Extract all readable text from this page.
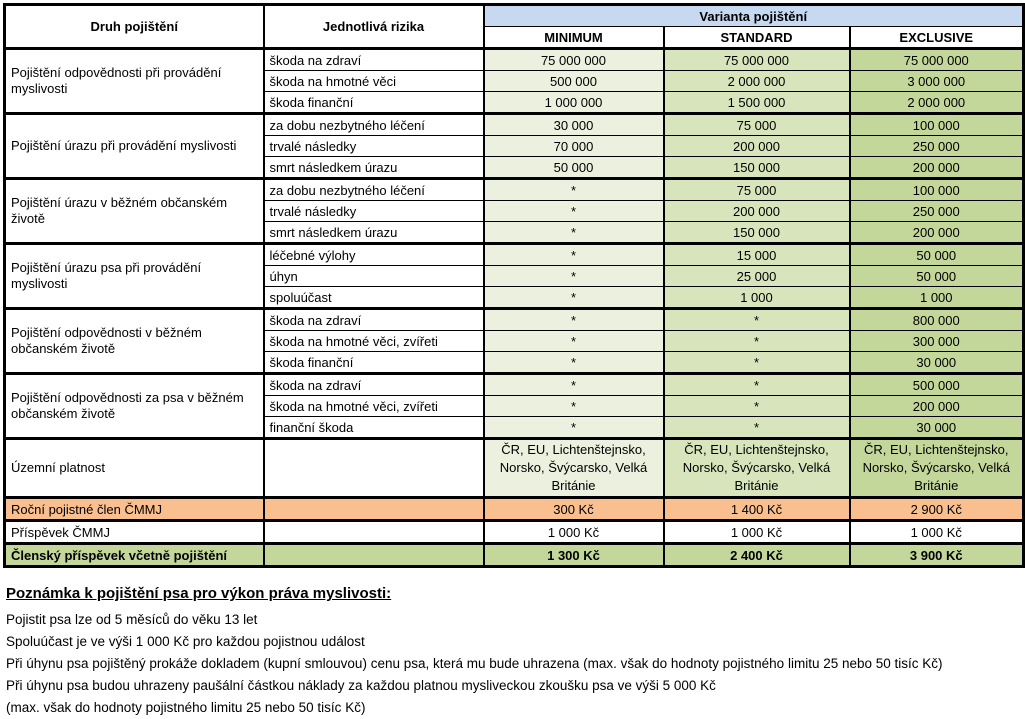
Druh pojištění	Jednotlivá rizika	Varianta pojištění		
		MINIMUM	STANDARD	EXCLUSIVE
Pojištění odpovědnosti při provádění myslivosti	škoda na zdraví	75 000 000	75 000 000	75 000 000
	škoda na hmotné věci	500 000	2 000 000	3 000 000
	škoda finanční	1 000 000	1 500 000	2 000 000
Pojištění úrazu při provádění myslivosti	za dobu nezbytného léčení	30 000	75 000	100 000
	trvalé následky	70 000	200 000	250 000
	smrt následkem úrazu	50 000	150 000	200 000
Pojištění úrazu v běžném občanském životě	za dobu nezbytného léčení	*	75 000	100 000
	trvalé následky	*	200 000	250 000
	smrt následkem úrazu	*	150 000	200 000
Pojištění úrazu psa při provádění myslivosti	léčebné výlohy	*	15 000	50 000
	úhyn	*	25 000	50 000
	spoluúčast	*	1 000	1 000
Pojištění odpovědnosti v běžném občanském životě	škoda na zdraví	*	*	800 000
	škoda na hmotné věci, zvířeti	*	*	300 000
	škoda finanční	*	*	30 000
Pojištění odpovědnosti za psa v běžném občanském životě	škoda na zdraví	*	*	500 000
	škoda na hmotné věci, zvířeti	*	*	200 000
	finanční škoda	*	*	30 000
Územní platnost		ČR, EU, Lichtenštejnsko, Norsko, Švýcarsko, Velká Británie	ČR, EU, Lichtenštejnsko, Norsko, Švýcarsko, Velká Británie	ČR, EU, Lichtenštejnsko, Norsko, Švýcarsko, Velká Británie
Roční pojistné člen ČMMJ		300 Kč	1 400 Kč	2 900 Kč
Příspěvek ČMMJ		1 000 Kč	1 000 Kč	1 000 Kč
Členský příspěvek včetně pojištění		1 300 Kč	2 400 Kč	3 900 Kč
Poznámka k pojištění psa pro výkon práva myslivosti:
Pojistit psa lze od 5 měsíců do věku 13 let
Spoluúčast je ve výši 1 000 Kč pro každou pojistnou událost
Při úhynu psa pojištěný prokáže dokladem (kupní smlouvou) cenu psa, která mu bude uhrazena (max. však do hodnoty pojistného limitu 25 nebo 50 tisíc Kč)
Při úhynu psa budou uhrazeny paušální částkou náklady za každou platnou mysliveckou zkoušku psa ve výši 5 000 Kč
(max. však do hodnoty pojistného limitu 25 nebo 50 tisíc Kč)
